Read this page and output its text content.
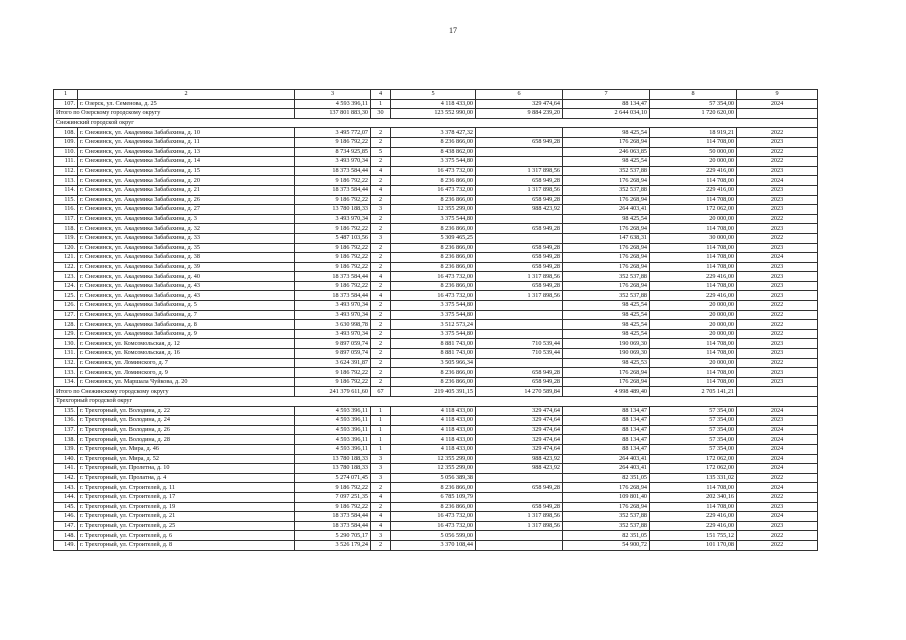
17
1	2	3	4	5	6	7	8	9
107.	г. Озерск, ул. Семенова, д. 25	4 593 396,11	1	4 118 433,00	329 474,64	88 134,47	57 354,00	2024
Итого по Озерскому городскому округу		137 801 883,30	30	123 552 990,00	9 884 239,20	2 644 034,10	1 720 620,00	
Снежинский городской округ								
108.	г. Снежинск, ул. Академика Забабахина, д. 10	3 495 772,07	2	3 378 427,32		98 425,54	18 919,21	2022
109.	г. Снежинск, ул. Академика Забабахина, д. 11	9 186 792,22	2	8 236 866,00	658 949,28	176 268,94	114 708,00	2023
110.	г. Снежинск, ул. Академика Забабахина, д. 13	8 734 925,85	5	8 438 862,00		246 063,85	50 000,00	2022
111.	г. Снежинск, ул. Академика Забабахина, д. 14	3 493 970,34	2	3 375 544,80		98 425,54	20 000,00	2022
112.	г. Снежинск, ул. Академика Забабахина, д. 15	18 373 584,44	4	16 473 732,00	1 317 898,56	352 537,88	229 416,00	2023
113.	г. Снежинск, ул. Академика Забабахина, д. 20	9 186 792,22	2	8 236 866,00	658 949,28	176 268,94	114 708,00	2024
114.	г. Снежинск, ул. Академика Забабахина, д. 21	18 373 584,44	4	16 473 732,00	1 317 898,56	352 537,88	229 416,00	2023
115.	г. Снежинск, ул. Академика Забабахина, д. 26	9 186 792,22	2	8 236 866,00	658 949,28	176 268,94	114 708,00	2023
116.	г. Снежинск, ул. Академика Забабахина, д. 27	13 780 188,33	3	12 355 299,00	988 423,92	264 403,41	172 062,00	2023
117.	г. Снежинск, ул. Академика Забабахина, д. 3	3 493 970,34	2	3 375 544,80		98 425,54	20 000,00	2022
118.	г. Снежинск, ул. Академика Забабахина, д. 32	9 186 792,22	2	8 236 866,00	658 949,28	176 268,94	114 708,00	2023
119.	г. Снежинск, ул. Академика Забабахина, д. 33	5 487 103,56	3	5 309 465,25		147 638,31	30 000,00	2022
120.	г. Снежинск, ул. Академика Забабахина, д. 35	9 186 792,22	2	8 236 866,00	658 949,28	176 268,94	114 708,00	2023
121.	г. Снежинск, ул. Академика Забабахина, д. 38	9 186 792,22	2	8 236 866,00	658 949,28	176 268,94	114 708,00	2024
122.	г. Снежинск, ул. Академика Забабахина, д. 39	9 186 792,22	2	8 236 866,00	658 949,28	176 268,94	114 708,00	2023
123.	г. Снежинск, ул. Академика Забабахина, д. 40	18 373 584,44	4	16 473 732,00	1 317 898,56	352 537,88	229 416,00	2023
124.	г. Снежинск, ул. Академика Забабахина, д. 43	9 186 792,22	2	8 236 866,00	658 949,28	176 268,94	114 708,00	2023
125.	г. Снежинск, ул. Академика Забабахина, д. 43	18 373 584,44	4	16 473 732,00	1 317 898,56	352 537,88	229 416,00	2023
126.	г. Снежинск, ул. Академика Забабахина, д. 5	3 493 970,34	2	3 375 544,80		98 425,54	20 000,00	2022
127.	г. Снежинск, ул. Академика Забабахина, д. 7	3 493 970,34	2	3 375 544,80		98 425,54	20 000,00	2022
128.	г. Снежинск, ул. Академика Забабахина, д. 8	3 630 998,78	2	3 512 573,24		98 425,54	20 000,00	2022
129.	г. Снежинск, ул. Академика Забабахина, д. 9	3 493 970,34	2	3 375 544,80		98 425,54	20 000,00	2022
130.	г. Снежинск, ул. Комсомольская, д. 12	9 897 059,74	2	8 881 743,00	710 539,44	190 069,30	114 708,00	2023
131.	г. Снежинск, ул. Комсомольская, д. 16	9 897 059,74	2	8 881 743,00	710 539,44	190 069,30	114 708,00	2023
132.	г. Снежинск, ул. Ломинского, д. 7	3 624 391,87	2	3 505 966,34		98 425,53	20 000,00	2022
133.	г. Снежинск, ул. Ломинского, д. 9	9 186 792,22	2	8 236 866,00	658 949,28	176 268,94	114 708,00	2023
134.	г. Снежинск, ул. Маршала Чуйкова, д. 20	9 186 792,22	2	8 236 866,00	658 949,28	176 268,94	114 708,00	2023
Итого по Снежинскому городскому округу		241 379 611,60	67	219 405 391,15	14 270 589,84	4 998 489,40	2 705 141,21	
Трехгорный городской округ								
135.	г. Трехгорный, ул. Володина, д. 22	4 593 396,11	1	4 118 433,00	329 474,64	88 134,47	57 354,00	2024
136.	г. Трехгорный, ул. Володина, д. 24	4 593 396,11	1	4 118 433,00	329 474,64	88 134,47	57 354,00	2023
137.	г. Трехгорный, ул. Володина, д. 26	4 593 396,11	1	4 118 433,00	329 474,64	88 134,47	57 354,00	2024
138.	г. Трехгорный, ул. Володина, д. 28	4 593 396,11	1	4 118 433,00	329 474,64	88 134,47	57 354,00	2024
139.	г. Трехгорный, ул. Мира, д. 46	4 593 396,11	1	4 118 433,00	329 474,64	88 134,47	57 354,00	2024
140.	г. Трехгорный, ул. Мира, д. 52	13 780 188,33	3	12 355 299,00	988 423,92	264 403,41	172 062,00	2024
141.	г. Трехгорный, ул. Пролетна, д. 10	13 780 188,33	3	12 355 299,00	988 423,92	264 403,41	172 062,00	2024
142.	г. Трехгорный, ул. Пролатна, д. 4	5 274 071,45	3	5 056 389,38		82 351,05	135 331,02	2022
143.	г. Трехгорный, ул. Строителей, д. 11	9 186 792,22	2	8 236 866,00	658 949,28	176 268,94	114 708,00	2024
144.	г. Трехгорный, ул. Строителей, д. 17	7 097 251,35	4	6 785 109,79		109 801,40	202 340,16	2022
145.	г. Трехгорный, ул. Строителей, д. 19	9 186 792,22	2	8 236 866,00	658 949,28	176 268,94	114 708,00	2023
146.	г. Трехгорный, ул. Строителей, д. 21	18 373 584,44	4	16 473 732,00	1 317 898,56	352 537,88	229 416,00	2024
147.	г. Трехгорный, ул. Строителей, д. 25	18 373 584,44	4	16 473 732,00	1 317 898,56	352 537,88	229 416,00	2023
148.	г. Трехгорный, ул. Строителей, д. 6	5 290 705,17	3	5 056 599,00		82 351,05	151 755,12	2022
149.	г. Трехгорный, ул. Строителей, д. 8	3 526 179,24	2	3 370 108,44		54 900,72	101 170,08	2022
